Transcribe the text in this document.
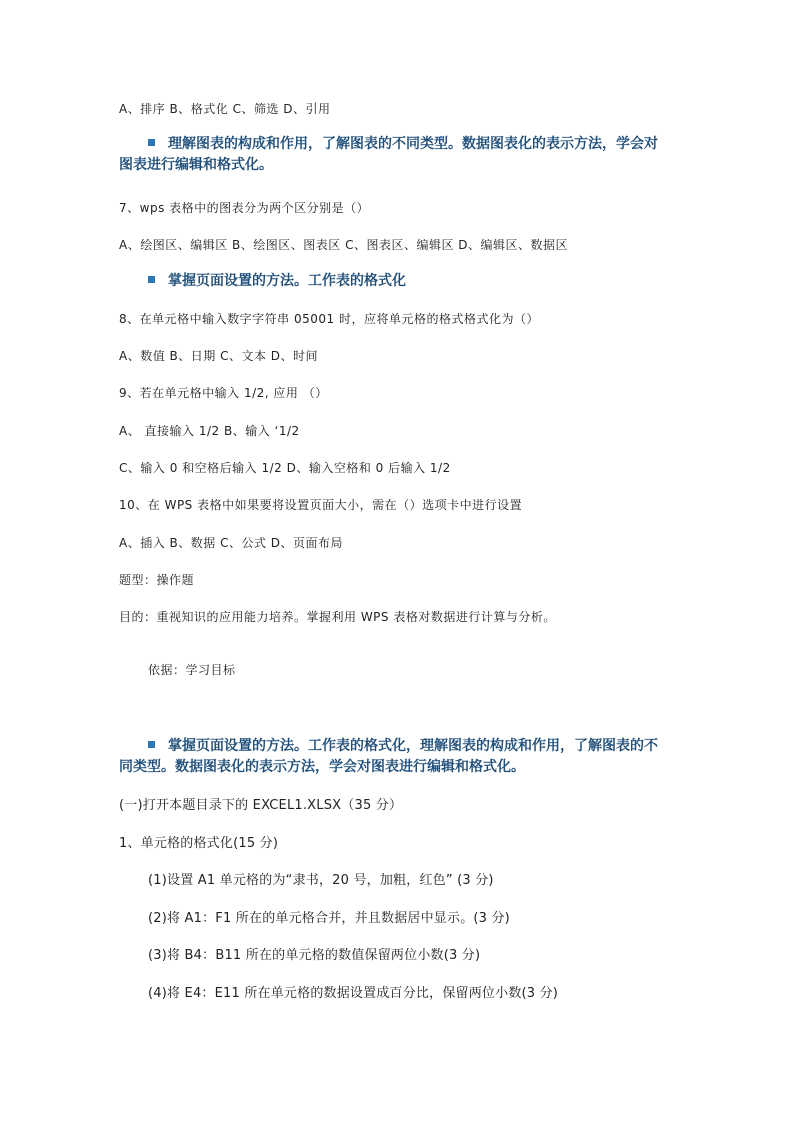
A、排序 B、格式化 C、筛选 D、引用
理解图表的构成和作用，了解图表的不同类型。数据图表化的表示方法，学会对
图表进行编辑和格式化。
7、wps 表格中的图表分为两个区分别是（）
A、绘图区、编辑区 B、绘图区、图表区 C、图表区、编辑区 D、编辑区、数据区
掌握页面设置的方法。工作表的格式化
8、在单元格中输入数字字符串 05001 时，应将单元格的格式格式化为（）
A、数值 B、日期 C、文本 D、时间
9、若在单元格中输入 1/2, 应用 （）
A、 直接输入 1/2 B、输入 ‘1/2
C、输入 0 和空格后输入 1/2 D、输入空格和 0 后输入 1/2
10、在 WPS 表格中如果要将设置页面大小，需在（）选项卡中进行设置
A、插入 B、数据 C、公式 D、页面布局
题型：操作题
目的：重视知识的应用能力培养。掌握利用 WPS 表格对数据进行计算与分析。
依据：学习目标
掌握页面设置的方法。工作表的格式化，理解图表的构成和作用，了解图表的不
同类型。数据图表化的表示方法，学会对图表进行编辑和格式化。
(一)打开本题目录下的 EXCEL1.XLSX（35 分）
1、单元格的格式化(15 分)
(1)设置 A1 单元格的为“隶书，20 号，加粗，红色” (3 分)
(2)将 A1：F1 所在的单元格合并，并且数据居中显示。(3 分)
(3)将 B4：B11 所在的单元格的数值保留两位小数(3 分)
(4)将 E4：E11 所在单元格的数据设置成百分比，保留两位小数(3 分)
